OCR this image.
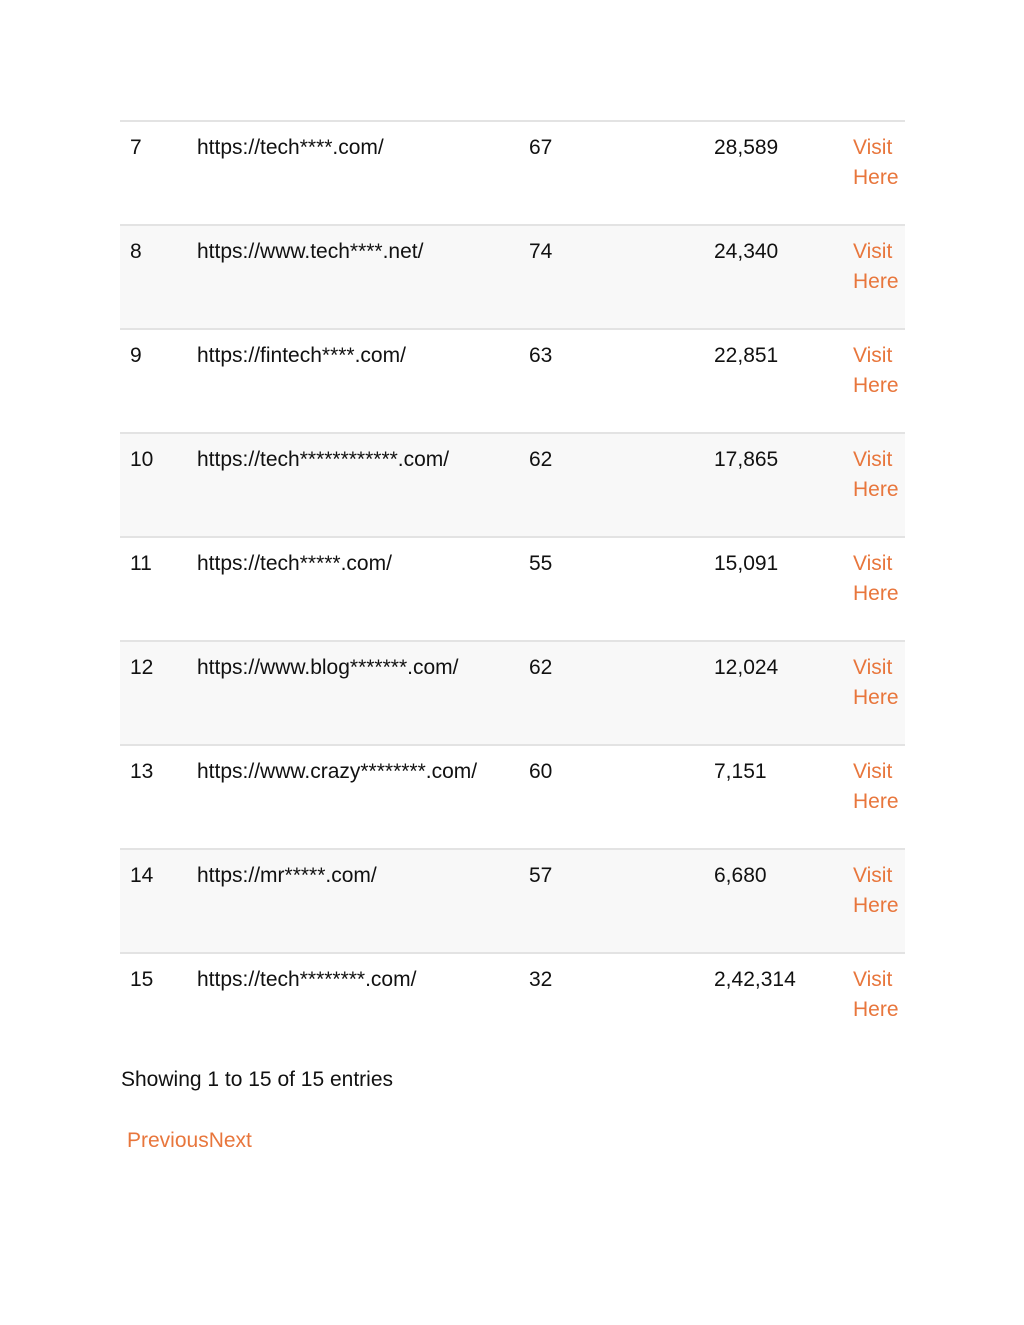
7	https://tech****.com/	67	28,589	Visit Here
8	https://www.tech****.net/	74	24,340	Visit Here
9	https://fintech****.com/	63	22,851	Visit Here
10	https://tech************.com/	62	17,865	Visit Here
11	https://tech*****.com/	55	15,091	Visit Here
12	https://www.blog*******.com/	62	12,024	Visit Here
13	https://www.crazy********.com/	60	7,151	Visit Here
14	https://mr*****.com/	57	6,680	Visit Here
15	https://tech********.com/	32	2,42,314	Visit Here
Showing 1 to 15 of 15 entries
PreviousNext
